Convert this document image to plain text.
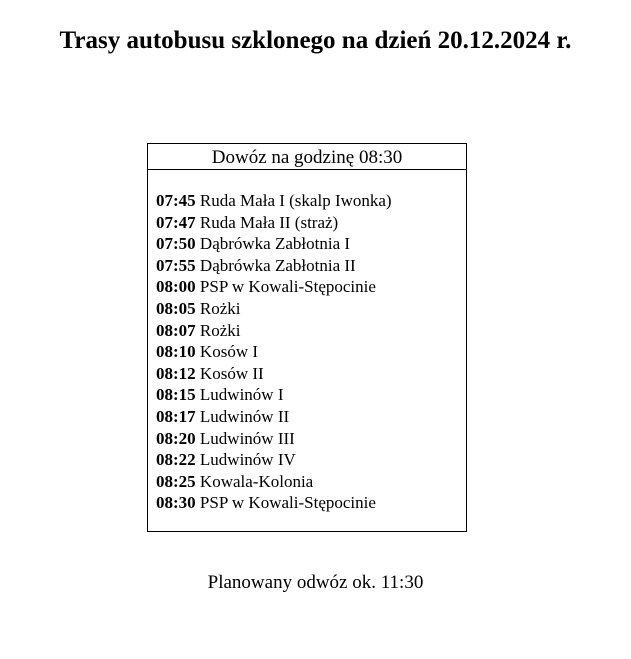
Trasy autobusu szklonego na dzień 20.12.2024 r.
Dowóz na godzinę 08:30
07:45 Ruda Mała I (skalp Iwonka)
07:47 Ruda Mała II (straż)
07:50 Dąbrówka Zabłotnia I
07:55 Dąbrówka Zabłotnia II
08:00 PSP w Kowali-Stępocinie
08:05 Rożki
08:07 Rożki
08:10 Kosów I
08:12 Kosów II
08:15 Ludwinów I
08:17 Ludwinów II
08:20 Ludwinów III
08:22 Ludwinów IV
08:25 Kowala-Kolonia
08:30 PSP w Kowali-Stępocinie
Planowany odwóz ok. 11:30
